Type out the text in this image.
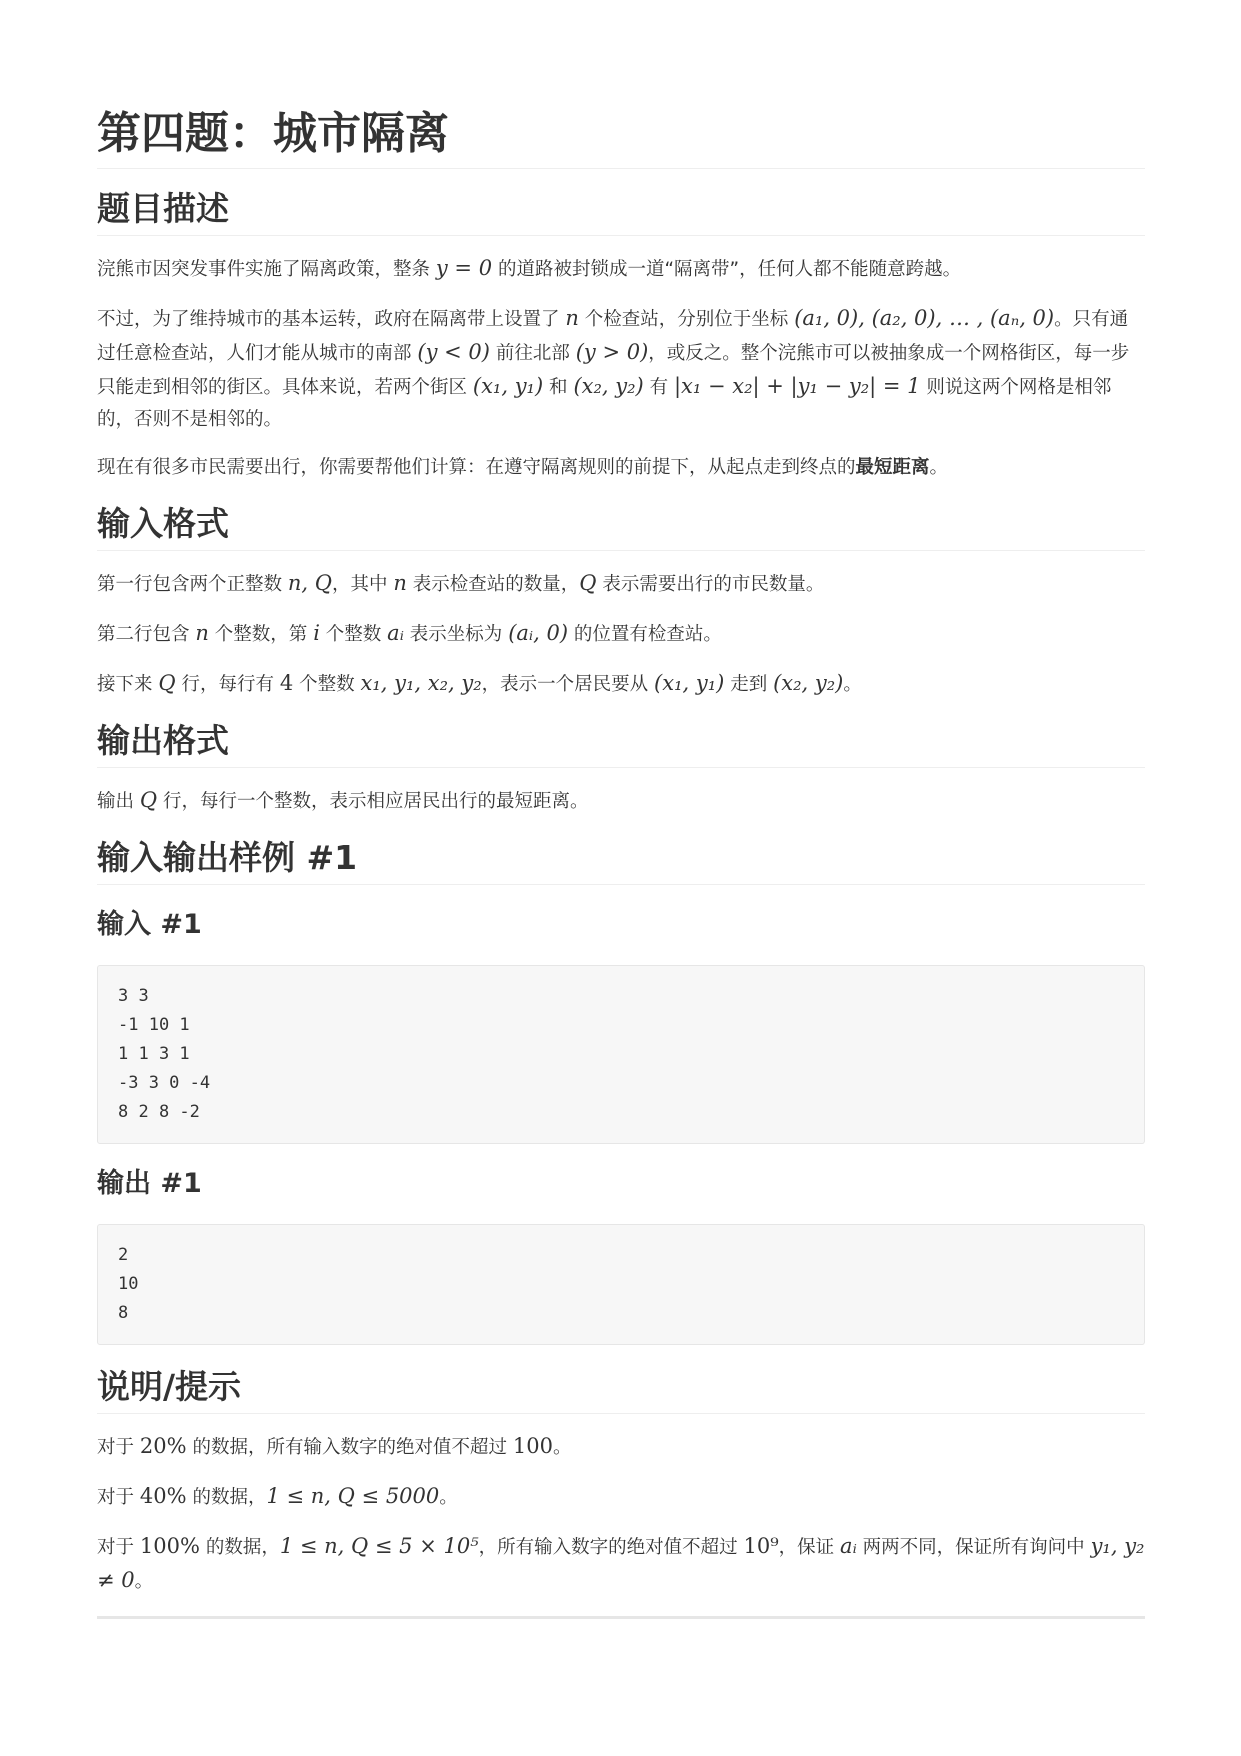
第四题：城市隔离
题目描述

浣熊市因突发事件实施了隔离政策，整条 y = 0 的道路被封锁成一道“隔离带”，任何人都不能随意跨越。

不过，为了维持城市的基本运转，政府在隔离带上设置了 n 个检查站，分别位于坐标 (a₁, 0), (a₂, 0), … , (aₙ, 0)。只有通过任意检查站，人们才能从城市的南部 (y < 0) 前往北部 (y > 0)，或反之。整个浣熊市可以被抽象成一个网格街区，每一步只能走到相邻的街区。具体来说，若两个街区 (x₁, y₁) 和 (x₂, y₂) 有 |x₁ − x₂| + |y₁ − y₂| = 1 则说这两个网格是相邻的，否则不是相邻的。

现在有很多市民需要出行，你需要帮他们计算：在遵守隔离规则的前提下，从起点走到终点的最短距离。

输入格式

第一行包含两个正整数 n, Q，其中 n 表示检查站的数量，Q 表示需要出行的市民数量。

第二行包含 n 个整数，第 i 个整数 aᵢ 表示坐标为 (aᵢ, 0) 的位置有检查站。

接下来 Q 行，每行有 4 个整数 x₁, y₁, x₂, y₂，表示一个居民要从 (x₁, y₁) 走到 (x₂, y₂)。

输出格式

输出 Q 行，每行一个整数，表示相应居民出行的最短距离。

输入输出样例 #1
输入 #1
3 3
-1 10 1
1 1 3 1
-3 3 0 -4
8 2 8 -2
输出 #1
2
10
8
说明/提示

对于 20% 的数据，所有输入数字的绝对值不超过 100。

对于 40% 的数据，1 ≤ n, Q ≤ 5000。

对于 100% 的数据，1 ≤ n, Q ≤ 5 × 10⁵，所有输入数字的绝对值不超过 10⁹，保证 aᵢ 两两不同，保证所有询问中 y₁, y₂ ≠ 0。
